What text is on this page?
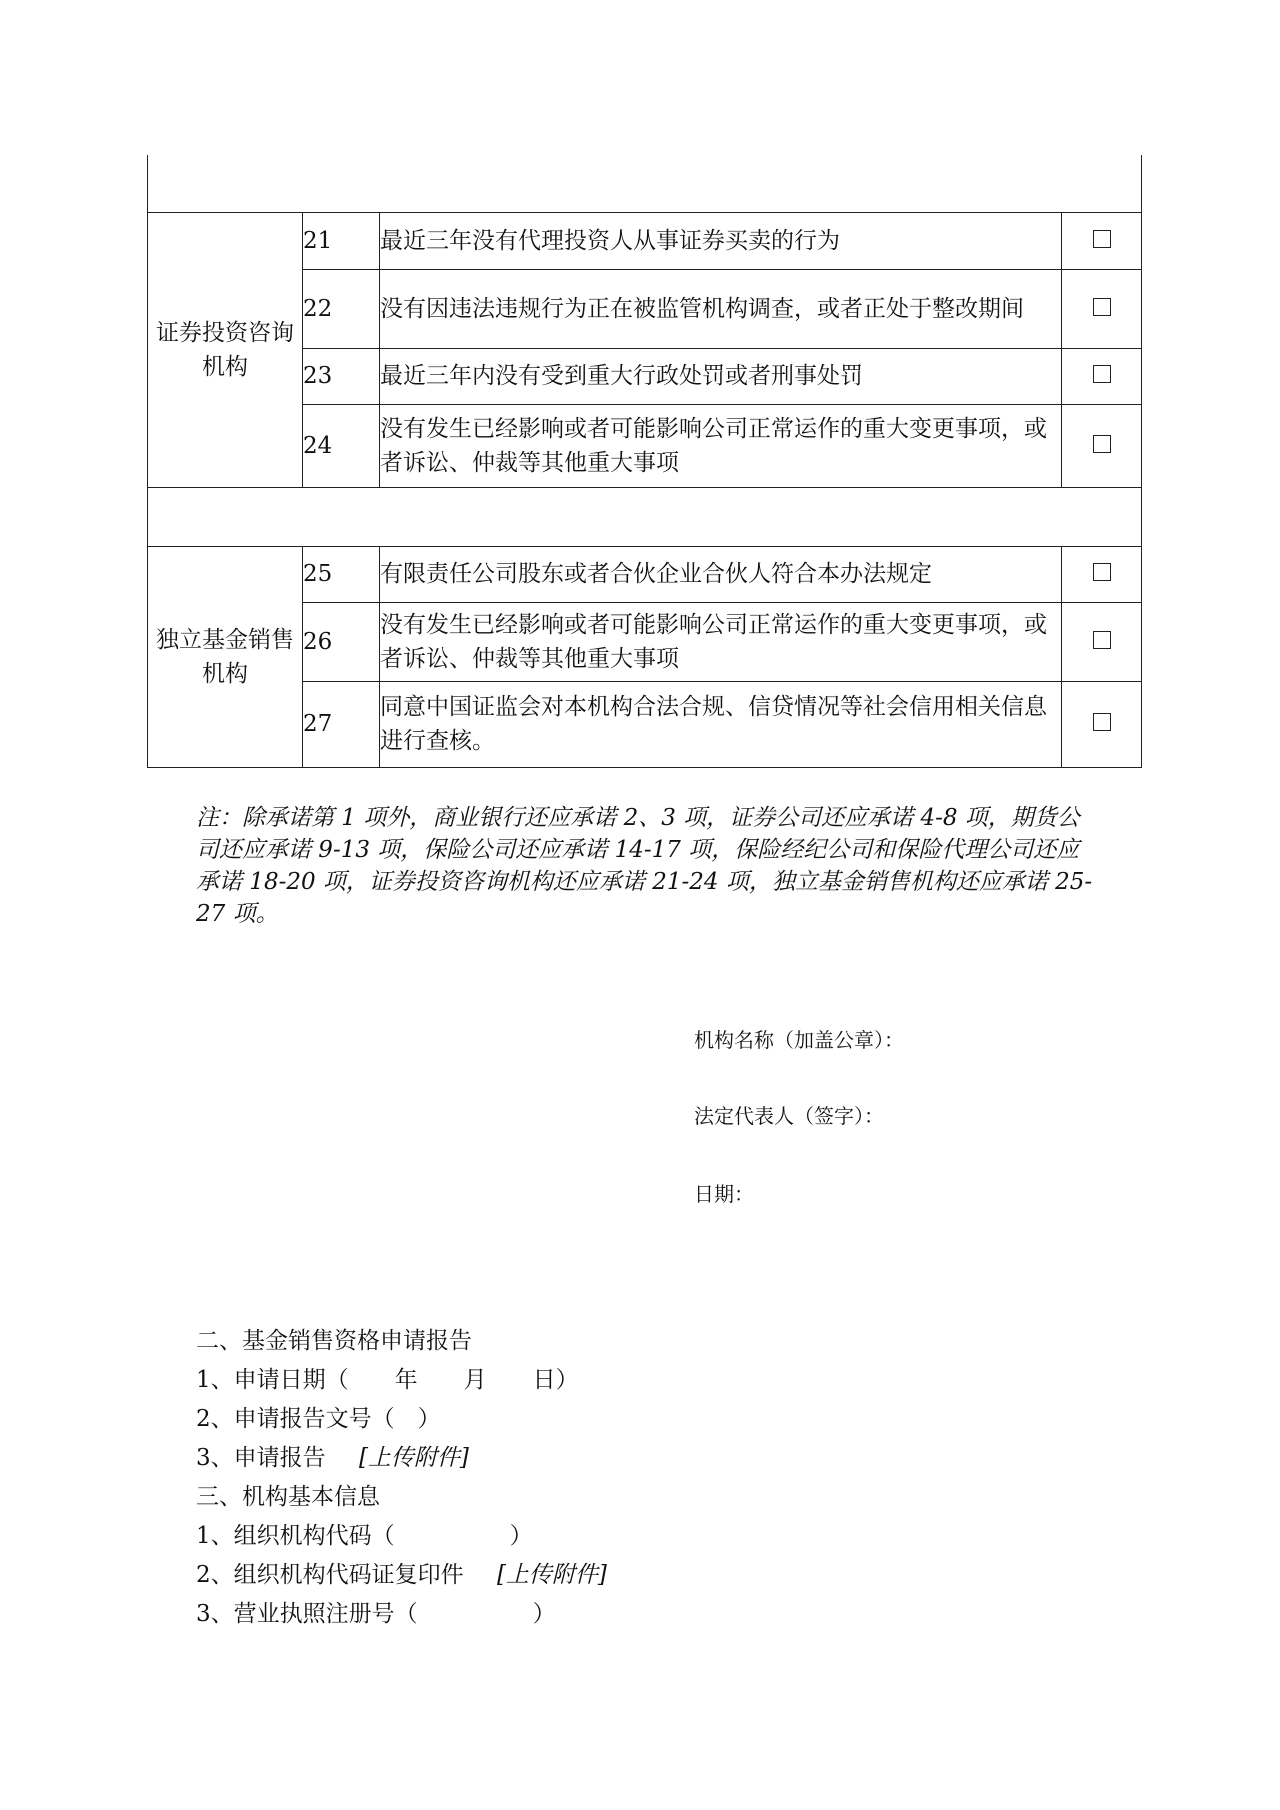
证券投资咨询机构	21	最近三年没有代理投资人从事证券买卖的行为	
	22	没有因违法违规行为正在被监管机构调查，或者正处于整改期间	
	23	最近三年内没有受到重大行政处罚或者刑事处罚	
	24	没有发生已经影响或者可能影响公司正常运作的重大变更事项，或者诉讼、仲裁等其他重大事项	

独立基金销售机构	25	有限责任公司股东或者合伙企业合伙人符合本办法规定	
	26	没有发生已经影响或者可能影响公司正常运作的重大变更事项，或者诉讼、仲裁等其他重大事项	
	27	同意中国证监会对本机构合法合规、信贷情况等社会信用相关信息进行查核。	
注：除承诺第 1 项外，商业银行还应承诺 2、3 项，证券公司还应承诺 4-8 项，期货公司还应承诺 9-13 项，保险公司还应承诺 14-17 项，保险经纪公司和保险代理公司还应承诺 18-20 项，证券投资咨询机构还应承诺 21-24 项，独立基金销售机构还应承诺 25-27 项。
机构名称（加盖公章）：
法定代表人（签字）：
日期：
二、基金销售资格申请报告
1、申请日期（　　年　　月　　日）
2、申请报告文号（　）
3、申请报告 [上传附件]
三、机构基本信息
1、组织机构代码（　　　　　）
2、组织机构代码证复印件 [上传附件]
3、营业执照注册号（　　　　　）
